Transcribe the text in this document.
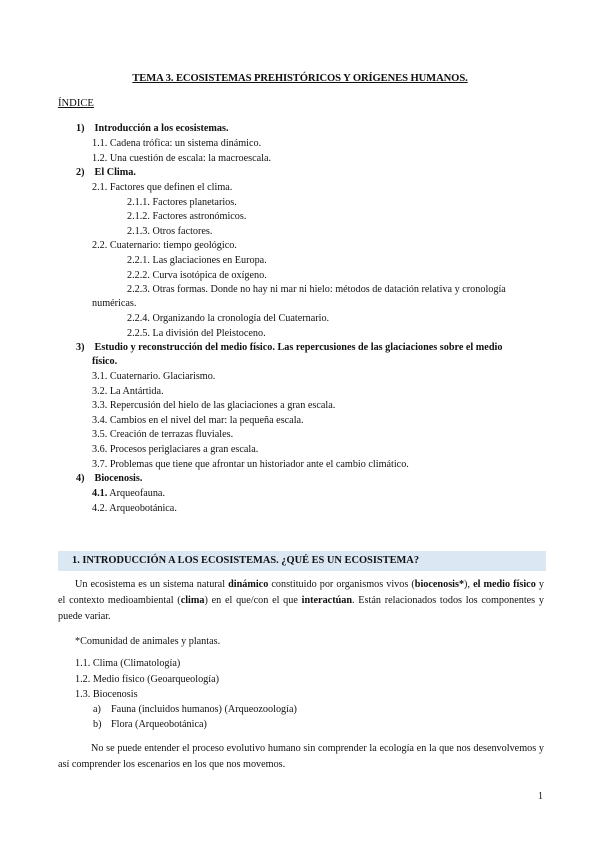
TEMA 3. ECOSISTEMAS PREHISTÓRICOS Y ORÍGENES HUMANOS.
ÍNDICE
1) Introducción a los ecosistemas.
1.1. Cadena trófica: un sistema dinámico.
1.2. Una cuestión de escala: la macroescala.
2) El Clima.
2.1. Factores que definen el clima.
2.1.1. Factores planetarios.
2.1.2. Factores astronómicos.
2.1.3. Otros factores.
2.2. Cuaternario: tiempo geológico.
2.2.1. Las glaciaciones en Europa.
2.2.2. Curva isotópica de oxígeno.
2.2.3. Otras formas. Donde no hay ni mar ni hielo: métodos de datación relativa y cronología
numéricas.
2.2.4. Organizando la cronología del Cuaternario.
2.2.5. La división del Pleistoceno.
3) Estudio y reconstrucción del medio físico. Las repercusiones de las glaciaciones sobre el medio
físico.
3.1. Cuaternario. Glaciarismo.
3.2. La Antártida.
3.3. Repercusión del hielo de las glaciaciones a gran escala.
3.4. Cambios en el nivel del mar: la pequeña escala.
3.5. Creación de terrazas fluviales.
3.6. Procesos periglaciares a gran escala.
3.7. Problemas que tiene que afrontar un historiador ante el cambio climático.
4) Biocenosis.
4.1. Arqueofauna.
4.2. Arqueobotánica.
1. INTRODUCCIÓN A LOS ECOSISTEMAS. ¿QUÉ ES UN ECOSISTEMA?
Un ecosistema es un sistema natural dinámico constituido por organismos vivos (biocenosis*), el medio físico y el contexto medioambiental (clima) en el que/con el que interactúan. Están relacionados todos los componentes y puede variar.
*Comunidad de animales y plantas.
1.1. Clima (Climatología)
1.2. Medio físico (Geoarqueología)
1.3. Biocenosis
a) Fauna (incluidos humanos) (Arqueozoología)
b) Flora (Arqueobotánica)
No se puede entender el proceso evolutivo humano sin comprender la ecología en la que nos desenvolvemos y así comprender los escenarios en los que nos movemos.
1
